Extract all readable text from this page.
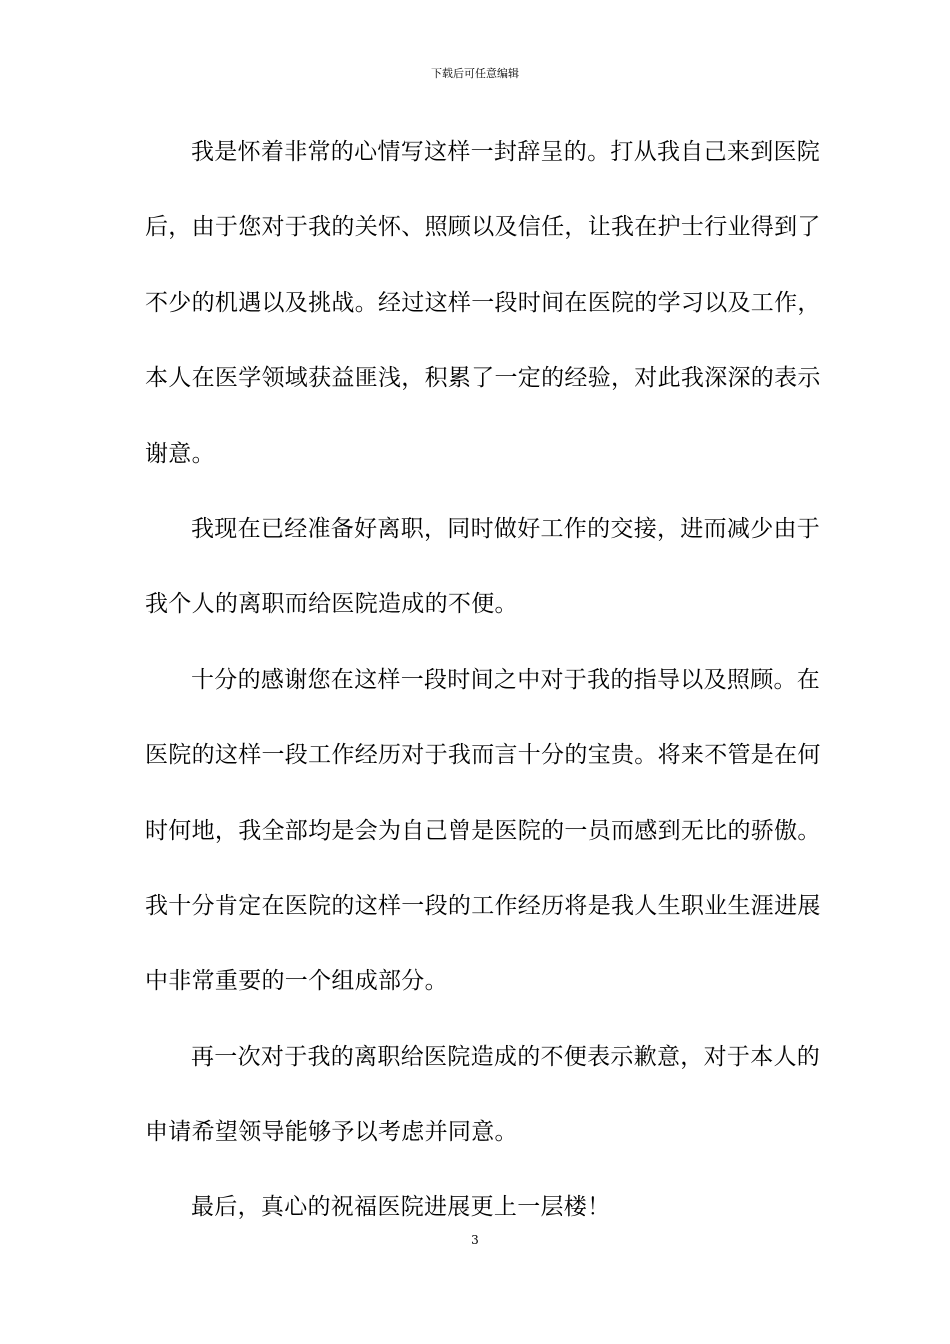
下载后可任意编辑
我是怀着非常的心情写这样一封辞呈的。打从我自己来到医院
后，由于您对于我的关怀、照顾以及信任，让我在护士行业得到了
不少的机遇以及挑战。经过这样一段时间在医院的学习以及工作，
本人在医学领域获益匪浅，积累了一定的经验，对此我深深的表示
谢意。
我现在已经准备好离职，同时做好工作的交接，进而减少由于
我个人的离职而给医院造成的不便。
十分的感谢您在这样一段时间之中对于我的指导以及照顾。在
医院的这样一段工作经历对于我而言十分的宝贵。将来不管是在何
时何地，我全部均是会为自己曾是医院的一员而感到无比的骄傲。
我十分肯定在医院的这样一段的工作经历将是我人生职业生涯进展
中非常重要的一个组成部分。
再一次对于我的离职给医院造成的不便表示歉意，对于本人的
申请希望领导能够予以考虑并同意。
最后，真心的祝福医院进展更上一层楼！
3
